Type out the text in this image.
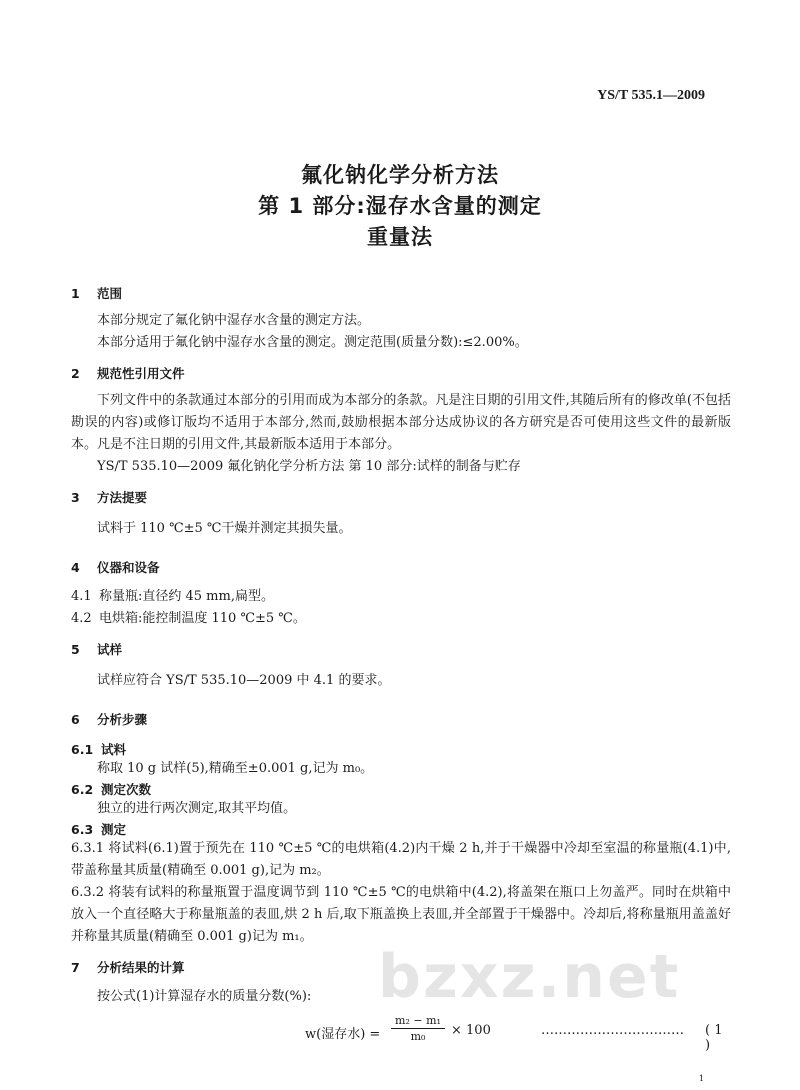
YS/T 535.1—2009
氟化钠化学分析方法
第 1 部分:湿存水含量的测定
重量法
1	范围
本部分规定了氟化钠中湿存水含量的测定方法。
本部分适用于氟化钠中湿存水含量的测定。测定范围(质量分数):≤2.00%。
2	规范性引用文件
下列文件中的条款通过本部分的引用而成为本部分的条款。凡是注日期的引用文件,其随后所有的修改单(不包括勘误的内容)或修订版均不适用于本部分,然而,鼓励根据本部分达成协议的各方研究是否可使用这些文件的最新版本。凡是不注日期的引用文件,其最新版本适用于本部分。
YS/T 535.10—2009 氟化钠化学分析方法 第 10 部分:试样的制备与贮存
3	方法提要
试料于 110 ℃±5 ℃干燥并测定其损失量。
4	仪器和设备
4.1 称量瓶:直径约 45 mm,扁型。
4.2 电烘箱:能控制温度 110 ℃±5 ℃。
5	试样
试样应符合 YS/T 535.10—2009 中 4.1 的要求。
6	分析步骤
6.1 试料
称取 10 g 试样(5),精确至±0.001 g,记为 m₀。
6.2 测定次数
独立的进行两次测定,取其平均值。
6.3 测定
6.3.1 将试料(6.1)置于预先在 110 ℃±5 ℃的电烘箱(4.2)内干燥 2 h,并于干燥器中冷却至室温的称量瓶(4.1)中,带盖称量其质量(精确至 0.001 g),记为 m₂。
6.3.2 将装有试料的称量瓶置于温度调节到 110 ℃±5 ℃的电烘箱中(4.2),将盖架在瓶口上勿盖严。同时在烘箱中放入一个直径略大于称量瓶盖的表皿,烘 2 h 后,取下瓶盖换上表皿,并全部置于干燥器中。冷却后,将称量瓶用盖盖好并称量其质量(精确至 0.001 g)记为 m₁。
7	分析结果的计算
按公式(1)计算湿存水的质量分数(%):
w(湿存水) = $\frac{\text{m₂ − m₁}}{\text{m₀}} \times 100$	…………………………… ( 1 )
bzxz.net
1
